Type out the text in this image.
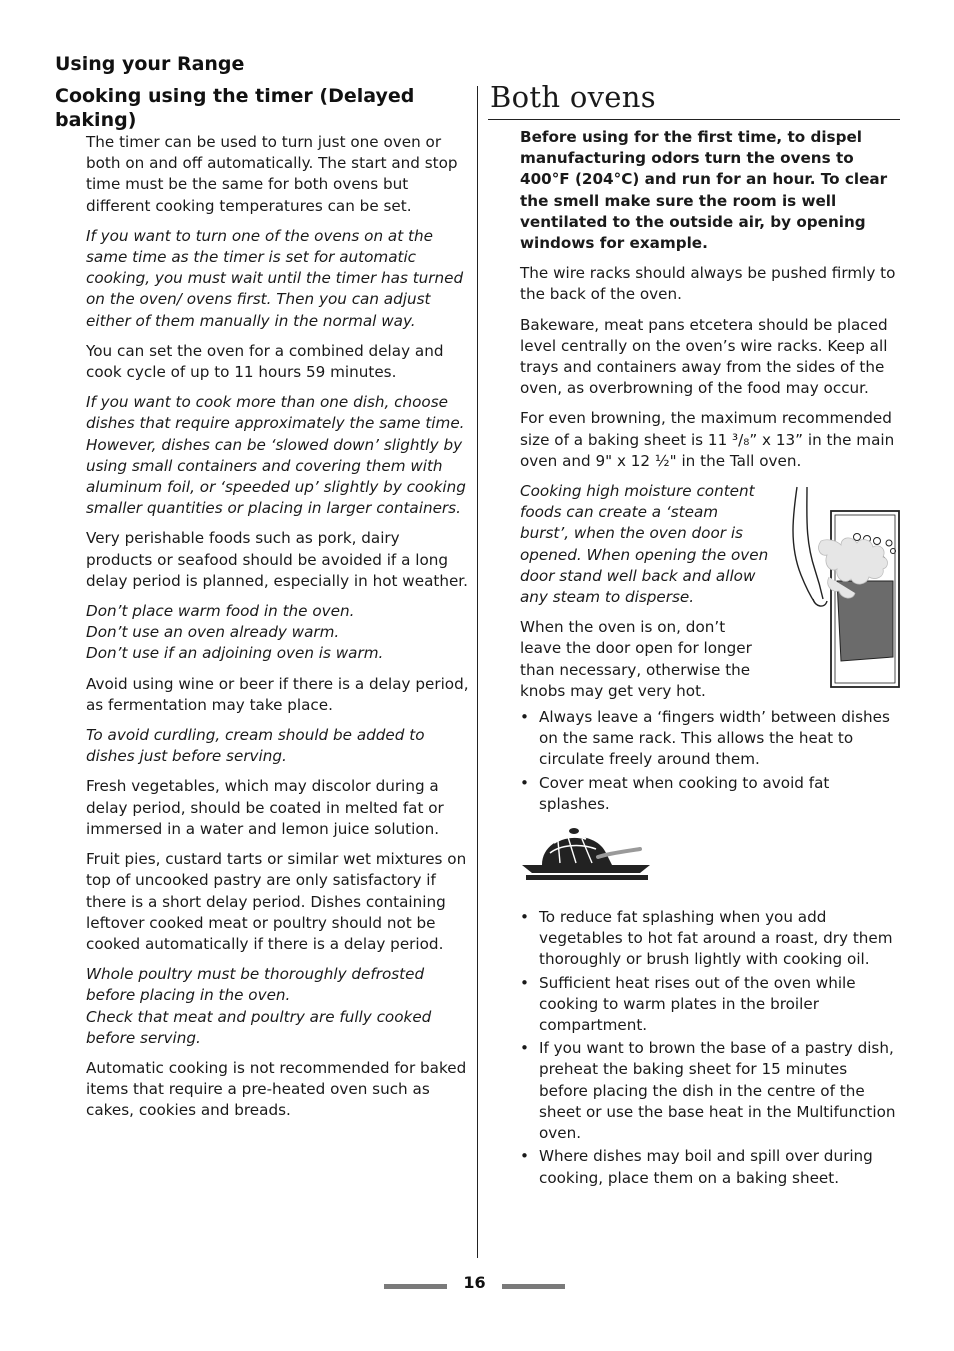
Using your Range
Cooking using the timer (Delayed baking)

The timer can be used to turn just one oven or both on and off automatically. The start and stop time must be the same for both ovens but different cooking temperatures can be set.

If you want to turn one of the ovens on at the same time as the timer is set for automatic cooking, you must wait until the timer has turned on the oven/ ovens first. Then you can adjust either of them manually in the normal way.

You can set the oven for a combined delay and cook cycle of up to 11 hours 59 minutes.

If you want to cook more than one dish, choose dishes that require approximately the same time. However, dishes can be ‘slowed down’ slightly by using small containers and covering them with aluminum foil, or ‘speeded up’ slightly by cooking smaller quantities or placing in larger containers.

Very perishable foods such as pork, dairy products or seafood should be avoided if a long delay period is planned, especially in hot weather.

Don’t place warm food in the oven.
Don’t use an oven already warm.
Don’t use if an adjoining oven is warm.

Avoid using wine or beer if there is a delay period, as fermentation may take place.

To avoid curdling, cream should be added to dishes just before serving.

Fresh vegetables, which may discolor during a delay period, should be coated in melted fat or immersed in a water and lemon juice solution.

Fruit pies, custard tarts or similar wet mixtures on top of uncooked pastry are only satisfactory if there is a short delay period. Dishes containing leftover cooked meat or poultry should not be cooked automatically if there is a delay period.

Whole poultry must be thoroughly defrosted before placing in the oven.
Check that meat and poultry are fully cooked before serving.

Automatic cooking is not recommended for baked items that require a pre-heated oven such as cakes, cookies and breads.

Both ovens

Before using for the first time, to dispel manufacturing odors turn the ovens to 400°F (204°C) and run for an hour. To clear the smell make sure the room is well ventilated to the outside air, by opening windows for example.

The wire racks should always be pushed firmly to the back of the oven.

Bakeware, meat pans etcetera should be placed level centrally on the oven’s wire racks. Keep all trays and containers away from the sides of the oven, as overbrowning of the food may occur.

For even browning, the maximum recommended size of a baking sheet is 11 ³/₈” x 13” in the main oven and 9" x 12 ½" in the Tall oven.

Cooking high moisture content foods can create a ‘steam burst’, when the oven door is opened. When opening the oven door stand well back and allow any steam to disperse.

When the oven is on, don’t leave the door open for longer than necessary, otherwise the knobs may get very hot.

• Always leave a ‘fingers width’ between dishes on the same rack. This allows the heat to circulate freely around them.
• Cover meat when cooking to avoid fat splashes.
• To reduce fat splashing when you add vegetables to hot fat around a roast, dry them thoroughly or brush lightly with cooking oil.
• Sufficient heat rises out of the oven while cooking to warm plates in the broiler compartment.
• If you want to brown the base of a pastry dish, preheat the baking sheet for 15 minutes before placing the dish in the centre of the sheet or use the base heat in the Multifunction oven.
• Where dishes may boil and spill over during cooking, place them on a baking sheet.
16
